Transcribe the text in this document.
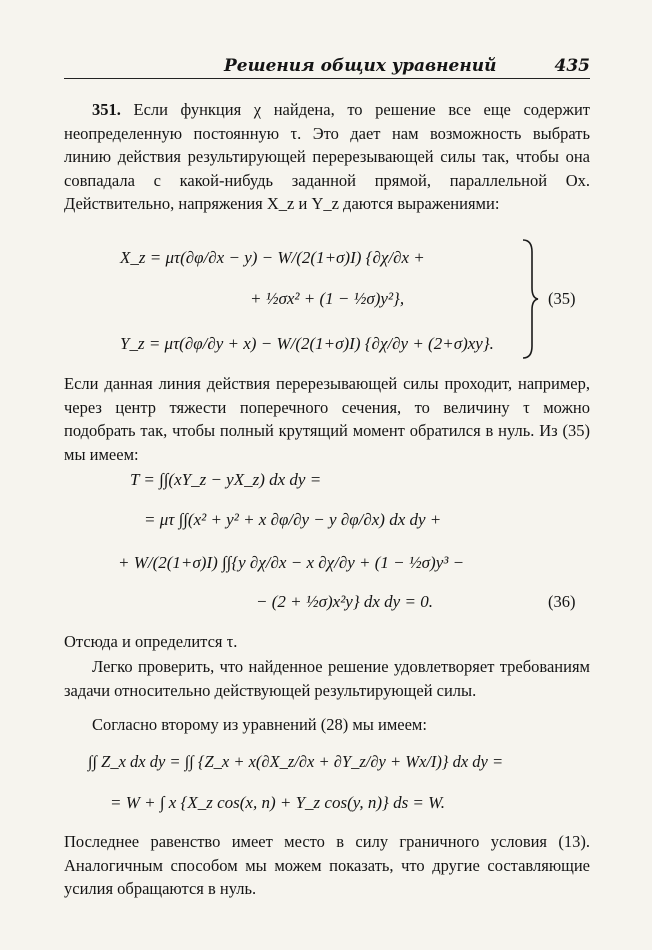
Решения общих уравнений	435

351. Если функция χ найдена, то решение все еще содержит неопределенную постоянную τ. Это дает нам возможность выбрать линию действия результирующей перерезывающей силы так, чтобы она совпадала с какой-нибудь заданной прямой, параллельной Ox. Действительно, напряжения X_z и Y_z даются выражениями:

X_z = μτ(∂φ/∂x − y) − W/(2(1+σ)I) {∂χ/∂x +
+ ½σx² + (1 − ½σ)y²},
Y_z = μτ(∂φ/∂y + x) − W/(2(1+σ)I) {∂χ/∂y + (2+σ)xy}.
(35)

Если данная линия действия перерезывающей силы проходит, например, через центр тяжести поперечного сечения, то величину τ можно подобрать так, чтобы полный крутящий момент обратился в нуль. Из (35) мы имеем:

T = ∫∫(xY_z − yX_z) dx dy =
= μτ ∫∫(x² + y² + x ∂φ/∂y − y ∂φ/∂x) dx dy +
+ W/(2(1+σ)I) ∫∫{y ∂χ/∂x − x ∂χ/∂y + (1 − ½σ)y³ −
− (2 + ½σ)x²y} dx dy = 0.	(36)

Отсюда и определится τ.

Легко проверить, что найденное решение удовлетворяет требованиям задачи относительно действующей результирующей силы.

Согласно второму из уравнений (28) мы имеем:

∫∫ Z_x dx dy = ∫∫ {Z_x + x(∂X_z/∂x + ∂Y_z/∂y + Wx/I)} dx dy =
= W + ∫ x {X_z cos(x, n) + Y_z cos(y, n)} ds = W.

Последнее равенство имеет место в силу граничного условия (13). Аналогичным способом мы можем показать, что другие составляющие усилия обращаются в нуль.
